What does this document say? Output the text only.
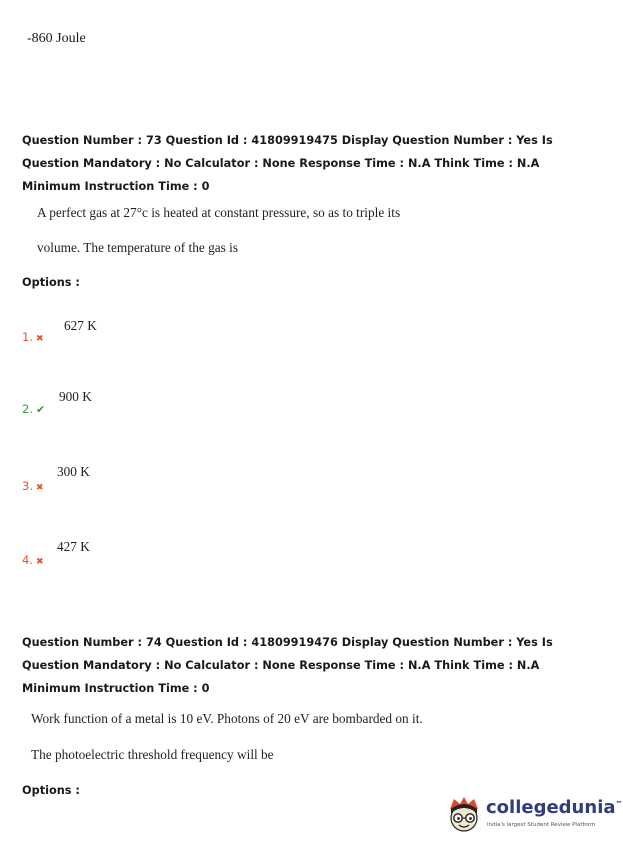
-860 Joule
Question Number : 73 Question Id : 41809919475 Display Question Number : Yes Is Question Mandatory : No Calculator : None Response Time : N.A Think Time : N.A Minimum Instruction Time : 0
A perfect gas at 27°c is heated at constant pressure, so as to triple its
volume. The temperature of the gas is
Options :
627 K
1. ✖
900 K
2. ✔
300 K
3. ✖
427 K
4. ✖
Question Number : 74 Question Id : 41809919476 Display Question Number : Yes Is Question Mandatory : No Calculator : None Response Time : N.A Think Time : N.A Minimum Instruction Time : 0
Work function of a metal is 10 eV. Photons of 20 eV are bombarded on it.
The photoelectric threshold frequency will be
Options :
collegedunia™
India's largest Student Review Platform
